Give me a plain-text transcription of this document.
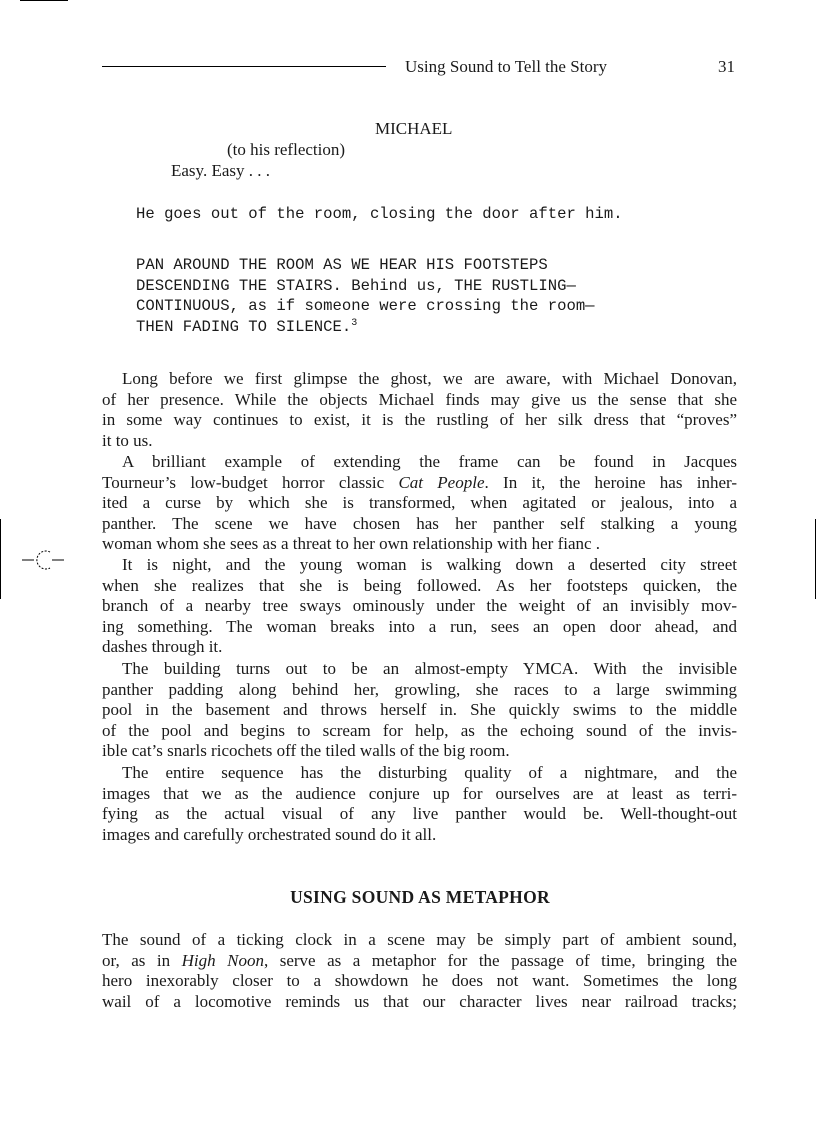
Using Sound to Tell the Story	31
MICHAEL
(to his reflection)
Easy. Easy . . .
He goes out of the room, closing the door after him.
PAN AROUND THE ROOM AS WE HEAR HIS FOOTSTEPS
DESCENDING THE STAIRS. Behind us, THE RUSTLING—
CONTINUOUS, as if someone were crossing the room—
THEN FADING TO SILENCE.$^3$
Long before we first glimpse the ghost, we are aware, with Michael Donovan,
of her presence. While the objects Michael finds may give us the sense that she
in some way continues to exist, it is the rustling of her silk dress that “proves”
it to us.
A brilliant example of extending the frame can be found in Jacques
Tourneur’s low-budget horror classic Cat People. In it, the heroine has inher-
ited a curse by which she is transformed, when agitated or jealous, into a
panther. The scene we have chosen has her panther self stalking a young
woman whom she sees as a threat to her own relationship with her fianc .
It is night, and the young woman is walking down a deserted city street
when she realizes that she is being followed. As her footsteps quicken, the
branch of a nearby tree sways ominously under the weight of an invisibly mov-
ing something. The woman breaks into a run, sees an open door ahead, and
dashes through it.
The building turns out to be an almost-empty YMCA. With the invisible
panther padding along behind her, growling, she races to a large swimming
pool in the basement and throws herself in. She quickly swims to the middle
of the pool and begins to scream for help, as the echoing sound of the invis-
ible cat’s snarls ricochets off the tiled walls of the big room.
The entire sequence has the disturbing quality of a nightmare, and the
images that we as the audience conjure up for ourselves are at least as terri-
fying as the actual visual of any live panther would be. Well-thought-out
images and carefully orchestrated sound do it all.
USING SOUND AS METAPHOR
The sound of a ticking clock in a scene may be simply part of ambient sound,
or, as in High Noon, serve as a metaphor for the passage of time, bringing the
hero inexorably closer to a showdown he does not want. Sometimes the long
wail of a locomotive reminds us that our character lives near railroad tracks;
